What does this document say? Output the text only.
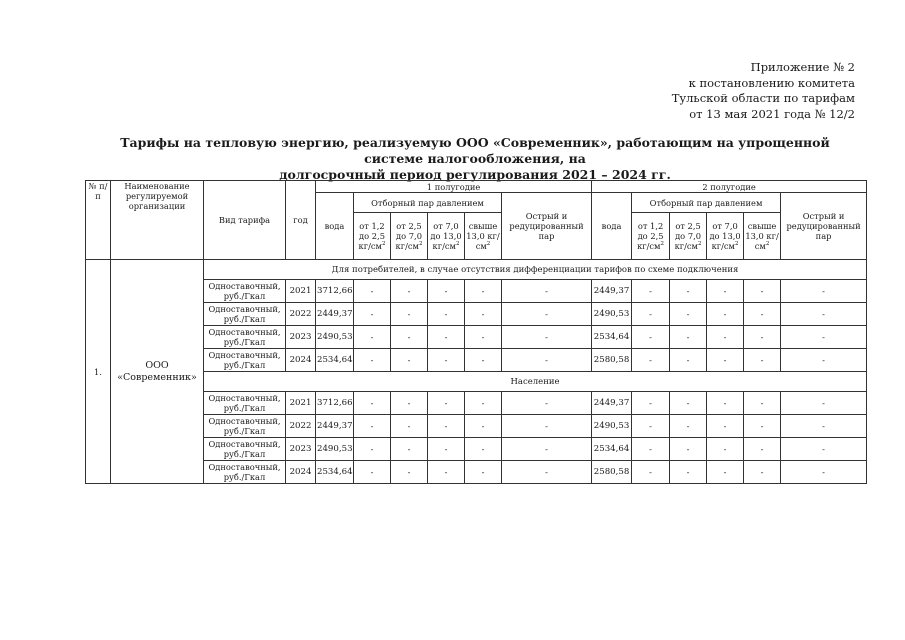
Приложение № 2
к постановлению комитета
Тульской области по тарифам
от 13 мая 2021 года № 12/2
Тарифы на тепловую энергию, реализуемую ООО «Современник», работающим на упрощенной системе налогообложения, на
долгосрочный период регулирования 2021 – 2024 гг.
№ п/п	Наименование регулируемой организации	Вид тарифа	год	1 полугодие						2 полугодие					
				вода	Отборный пар давлением				Острый и редуцированный пар	вода	Отборный пар давлением				Острый и редуцированный пар
					от 1,2 до 2,5 $кг/см^2$	от 2,5 до 7,0 $кг/см^2$	от 7,0 до 13,0 $кг/см^2$	свыше 13,0 $кг/см^2$			от 1,2 до 2,5 $кг/см^2$	от 2,5 до 7,0 $кг/см^2$	от 7,0 до 13,0 $кг/см^2$	свыше 13,0 $кг/см^2$
1.	ООО
«Современник»	Для потребителей, в случае отсутствия дифференциации тарифов по схеме подключения													

		Одноставочный,
руб./Гкал	2021	3712,66	-	-	-	-	-	2449,37	-	-	-	-	-

		Одноставочный,
руб./Гкал	2022	2449,37	-	-	-	-	-	2490,53	-	-	-	-	-

		Одноставочный,
руб./Гкал	2023	2490,53	-	-	-	-	-	2534,64	-	-	-	-	-

		Одноставочный,
руб./Гкал	2024	2534,64	-	-	-	-	-	2580,58	-	-	-	-	-
		Население													

		Одноставочный,
руб./Гкал	2021	3712,66	-	-	-	-	-	2449,37	-	-	-	-	-

		Одноставочный,
руб./Гкал	2022	2449,37	-	-	-	-	-	2490,53	-	-	-	-	-

		Одноставочный,
руб./Гкал	2023	2490,53	-	-	-	-	-	2534,64	-	-	-	-	-

		Одноставочный,
руб./Гкал	2024	2534,64	-	-	-	-	-	2580,58	-	-	-	-	-
